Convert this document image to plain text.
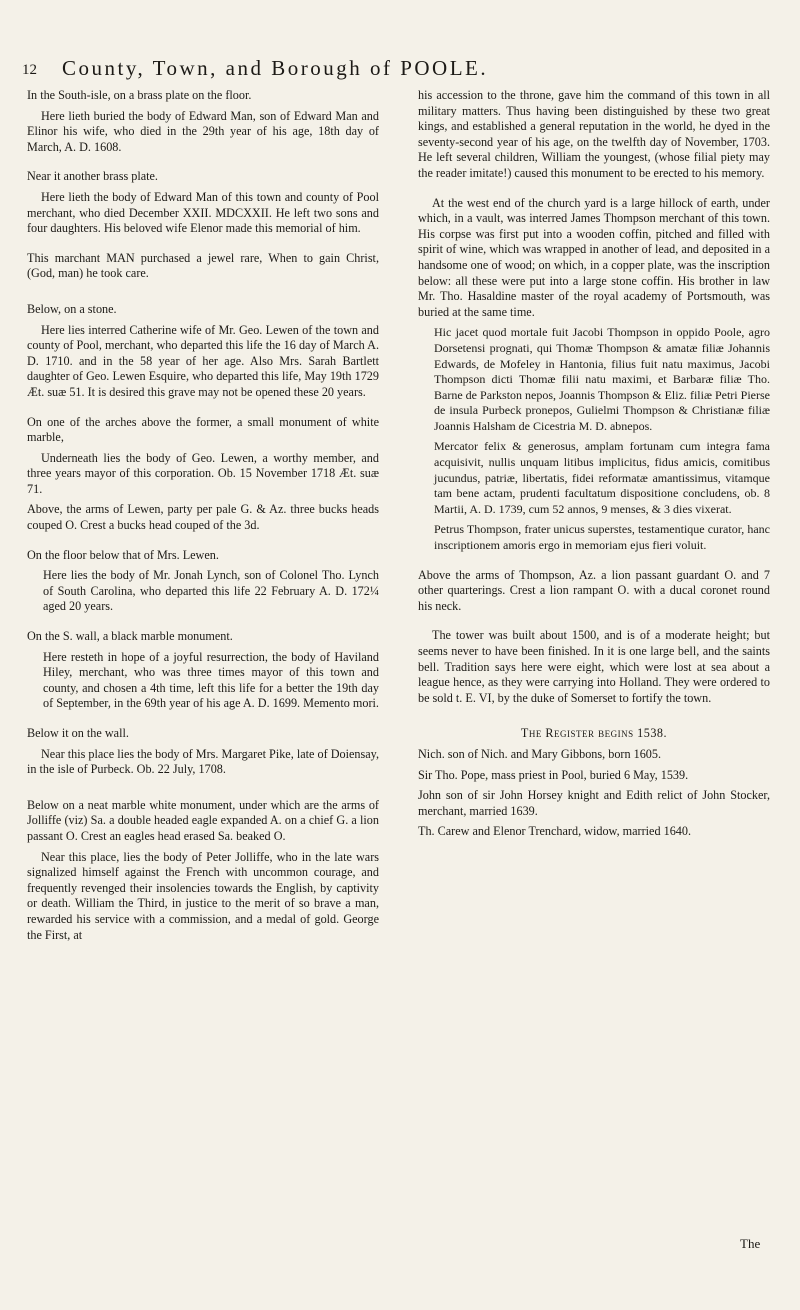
12 County, Town, and Borough of POOLE.

In the South-isle, on a brass plate on the floor.

Here lieth buried the body of Edward Man, son of Edward Man and Elinor his wife, who died in the 29th year of his age, 18th day of March, A. D. 1608.

Near it another brass plate.

Here lieth the body of Edward Man of this town and county of Pool merchant, who died December XXII. MDCXXII. He left two sons and four daughters. His beloved wife Elenor made this memorial of him.

This marchant MAN purchased a jewel rare, When to gain Christ, (God, man) he took care.

Below, on a stone.

Here lies interred Catherine wife of Mr. Geo. Lewen of the town and county of Pool, merchant, who departed this life the 16 day of March A. D. 1710. and in the 58 year of her age. Also Mrs. Sarah Bartlett daughter of Geo. Lewen Esquire, who departed this life, May 19th 1729 Æt. suæ 51. It is desired this grave may not be opened these 20 years.

On one of the arches above the former, a small monument of white marble,

Underneath lies the body of Geo. Lewen, a worthy member, and three years mayor of this corporation. Ob. 15 November 1718 Æt. suæ 71.

Above, the arms of Lewen, party per pale G. & Az. three bucks heads couped O. Crest a bucks head couped of the 3d.

On the floor below that of Mrs. Lewen.

Here lies the body of Mr. Jonah Lynch, son of Colonel Tho. Lynch of South Carolina, who departed this life 22 February A. D. 172¼ aged 20 years.

On the S. wall, a black marble monument.

Here resteth in hope of a joyful resurrection, the body of Haviland Hiley, merchant, who was three times mayor of this town and county, and chosen a 4th time, left this life for a better the 19th day of September, in the 69th year of his age A. D. 1699. Memento mori.

Below it on the wall.

Near this place lies the body of Mrs. Margaret Pike, late of Doiensay, in the isle of Purbeck. Ob. 22 July, 1708.

Below on a neat marble white monument, under which are the arms of Jolliffe (viz) Sa. a double headed eagle expanded A. on a chief G. a lion passant O. Crest an eagles head erased Sa. beaked O.

Near this place, lies the body of Peter Jolliffe, who in the late wars signalized himself against the French with uncommon courage, and frequently revenged their insolencies towards the English, by captivity or death. William the Third, in justice to the merit of so brave a man, rewarded his service with a commission, and a medal of gold. George the First, at

his accession to the throne, gave him the command of this town in all military matters. Thus having been distinguished by these two great kings, and established a general reputation in the world, he dyed in the seventy-second year of his age, on the twelfth day of November, 1703. He left several children, William the youngest, (whose filial piety may the reader imitate!) caused this monument to be erected to his memory.

At the west end of the church yard is a large hillock of earth, under which, in a vault, was interred James Thompson merchant of this town. His corpse was first put into a wooden coffin, pitched and filled with spirit of wine, which was wrapped in another of lead, and deposited in a handsome one of wood; on which, in a copper plate, was the inscription below: all these were put into a large stone coffin. His brother in law Mr. Tho. Hasaldine master of the royal academy of Portsmouth, was buried at the same time.

Hic jacet quod mortale fuit Jacobi Thompson in oppido Poole, agro Dorsetensi prognati, qui Thomæ Thompson & amatæ filiæ Johannis Edwards, de Mofeley in Hantonia, filius fuit natu maximus, Jacobi Thompson dicti Thomæ filii natu maximi, et Barbaræ filiæ Tho. Barne de Parkston nepos, Joannis Thompson & Eliz. filiæ Petri Pierse de insula Purbeck pronepos, Gulielmi Thompson & Christianæ filiæ Joannis Halsham de Cicestria M. D. abnepos.

Mercator felix & generosus, amplam fortunam cum integra fama acquisivit, nullis unquam litibus implicitus, fidus amicis, comitibus jucundus, patriæ, libertatis, fidei reformatæ amantissimus, vitamque tam bene actam, prudenti facultatum dispositione concludens, ob. 8 Martii, A. D. 1739, cum 52 annos, 9 menses, & 3 dies vixerat.

Petrus Thompson, frater unicus superstes, testamentique curator, hanc inscriptionem amoris ergo in memoriam ejus fieri voluit.

Above the arms of Thompson, Az. a lion passant guardant O. and 7 other quarterings. Crest a lion rampant O. with a ducal coronet round his neck.

The tower was built about 1500, and is of a moderate height; but seems never to have been finished. In it is one large bell, and the saints bell. Tradition says here were eight, which were lost at sea about a league hence, as they were carrying into Holland. They were ordered to be sold t. E. VI, by the duke of Somerset to fortify the town.

The Register begins 1538.

Nich. son of Nich. and Mary Gibbons, born 1605.

Sir Tho. Pope, mass priest in Pool, buried 6 May, 1539.

John son of sir John Horsey knight and Edith relict of John Stocker, merchant, married 1639.

Th. Carew and Elenor Trenchard, widow, married 1640.

The
